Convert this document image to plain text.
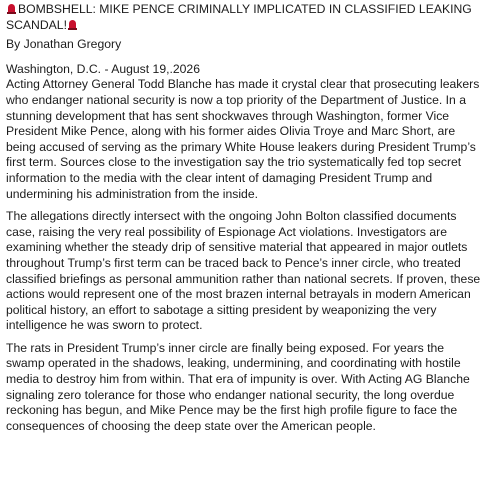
BOMBSHELL: MIKE PENCE CRIMINALLY IMPLICATED IN CLASSIFIED LEAKING SCANDAL!
By Jonathan Gregory
Washington, D.C. - August 19,.2026

Acting Attorney General Todd Blanche has made it crystal clear that prosecuting leakers who endanger national security is now a top priority of the Department of Justice. In a stunning development that has sent shockwaves through Washington, former Vice President Mike Pence, along with his former aides Olivia Troye and Marc Short, are being accused of serving as the primary White House leakers during President Trump’s first term. Sources close to the investigation say the trio systematically fed top secret information to the media with the clear intent of damaging President Trump and undermining his administration from the inside.

The allegations directly intersect with the ongoing John Bolton classified documents case, raising the very real possibility of Espionage Act violations. Investigators are examining whether the steady drip of sensitive material that appeared in major outlets throughout Trump’s first term can be traced back to Pence’s inner circle, who treated classified briefings as personal ammunition rather than national secrets. If proven, these actions would represent one of the most brazen internal betrayals in modern American political history, an effort to sabotage a sitting president by weaponizing the very intelligence he was sworn to protect.

The rats in President Trump’s inner circle are finally being exposed. For years the swamp operated in the shadows, leaking, undermining, and coordinating with hostile media to destroy him from within. That era of impunity is over. With Acting AG Blanche signaling zero tolerance for those who endanger national security, the long overdue reckoning has begun, and Mike Pence may be the first high profile figure to face the consequences of choosing the deep state over the American people.
